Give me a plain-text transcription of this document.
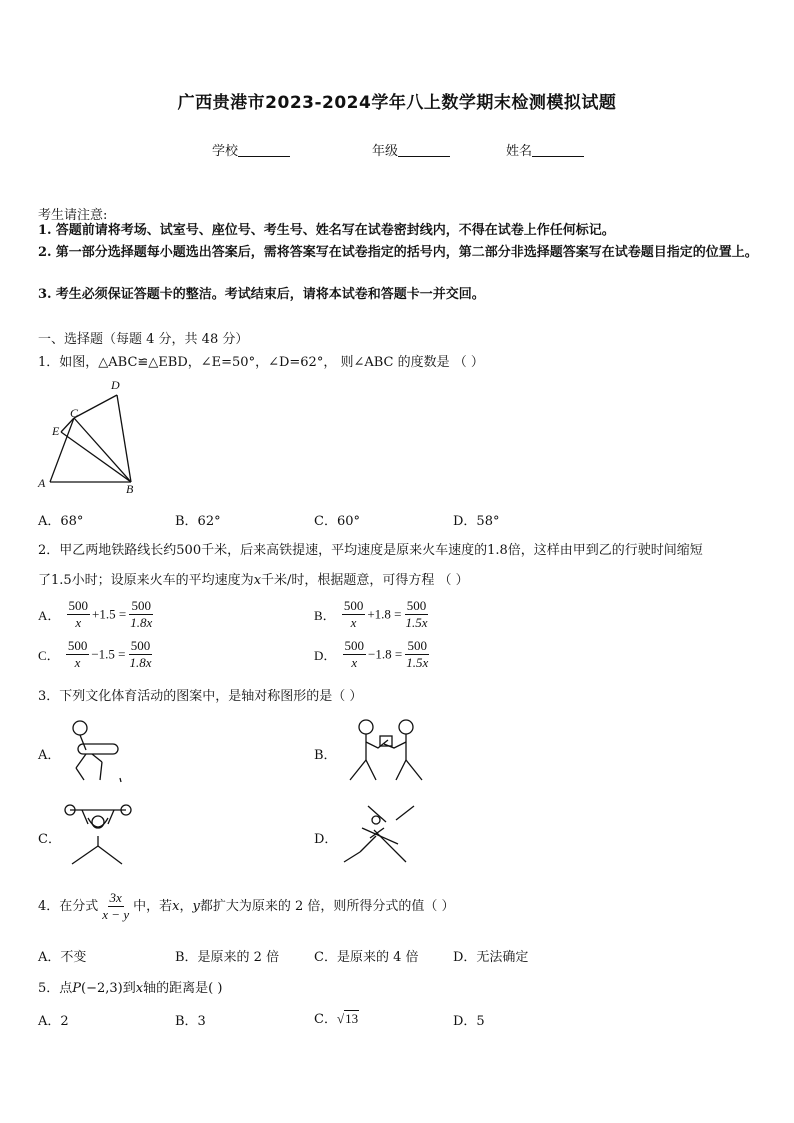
广西贵港市2023-2024学年八上数学期末检测模拟试题
学校	年级	姓名
考生请注意:
1. 答题前请将考场、试室号、座位号、考生号、姓名写在试卷密封线内，不得在试卷上作任何标记。
2. 第一部分选择题每小题选出答案后，需将答案写在试卷指定的括号内，第二部分非选择题答案写在试卷题目指定的位置上。
3. 考生必须保证答题卡的整洁。考试结束后，请将本试卷和答题卡一并交回。
一、选择题（每题 4 分，共 48 分）
1．如图，△ABC≌△EBD，∠E=50°，∠D=62°， 则∠ABC 的度数是 （ ）
D
C
E
A	B
A．68°	B．62°	C．60°	D．58°
2．甲乙两地铁路线长约500千米，后来高铁提速，平均速度是原来火车速度的1.8倍，这样由甲到乙的行驶时间缩短
了1.5小时；设原来火车的平均速度为x千米/时，根据题意，可得方程 （ ）
A． $\frac{500}{x} +1.5 = \frac{500}{1.8x}$	B． $\frac{500}{x} +1.8 = \frac{500}{1.5x}$
C． $\frac{500}{x} -1.5 = \frac{500}{1.8x}$	D． $\frac{500}{x} -1.8 = \frac{500}{1.5x}$
3．下列文化体育活动的图案中，是轴对称图形的是（ ）
A．	B．
C．	D．
4．在分式 $\frac{3x}{x - y}$ 中，若x，y都扩大为原来的 2 倍，则所得分式的值（ ）
A．不变	B．是原来的 2 倍	C．是原来的 4 倍	D．无法确定
5．点P(−2,3)到x轴的距离是( )
A．2	B．3	C．√13	D．5
